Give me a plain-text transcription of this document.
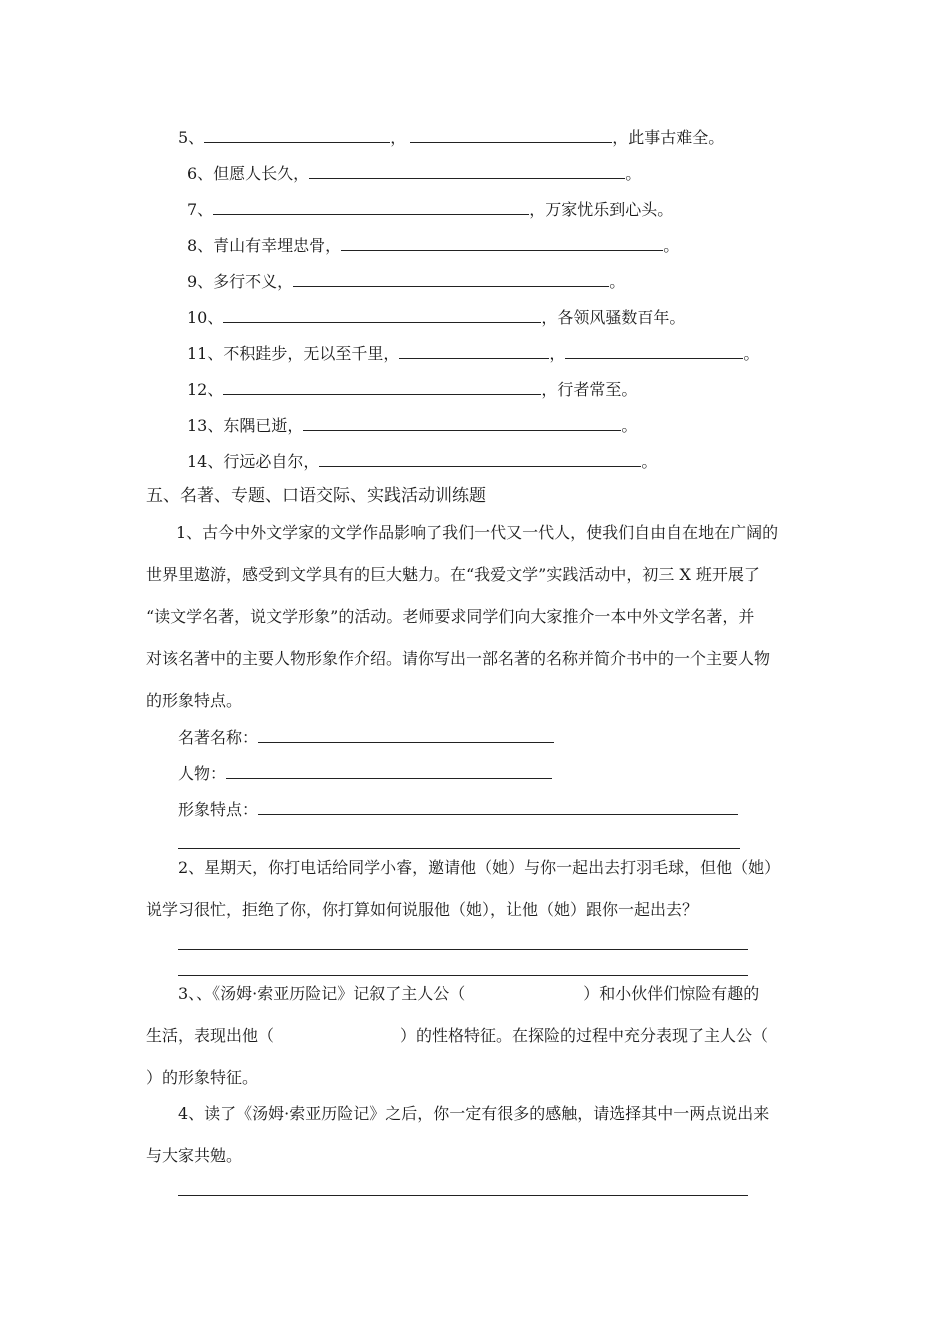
5、	，	，此事古难全。
6、但愿人长久，	。
7、	，万家忧乐到心头。
8、青山有幸埋忠骨，	。
9、多行不义，	。
10、	，各领风骚数百年。
11、不积跬步，无以至千里，	，	。
12、	，行者常至。
13、东隅已逝，	。
14、行远必自尔，	。
五、名著、专题、口语交际、实践活动训练题
1、古今中外文学家的文学作品影响了我们一代又一代人，使我们自由自在地在广阔的
世界里遨游，感受到文学具有的巨大魅力。在“我爱文学”实践活动中，初三 X 班开展了
“读文学名著，说文学形象”的活动。老师要求同学们向大家推介一本中外文学名著，并
对该名著中的主要人物形象作介绍。请你写出一部名著的名称并简介书中的一个主要人物
的形象特点。
名著名称：
人物：
形象特点：
2、星期天，你打电话给同学小睿，邀请他（她）与你一起出去打羽毛球，但他（她）
说学习很忙，拒绝了你，你打算如何说服他（她），让他（她）跟你一起出去？
3、、《汤姆·索亚历险记》记叙了主人公（	）和小伙伴们惊险有趣的
生活，表现出他（	）的性格特征。在探险的过程中充分表现了主人公（
）的形象特征。
4、读了《汤姆·索亚历险记》之后，你一定有很多的感触，请选择其中一两点说出来
与大家共勉。
